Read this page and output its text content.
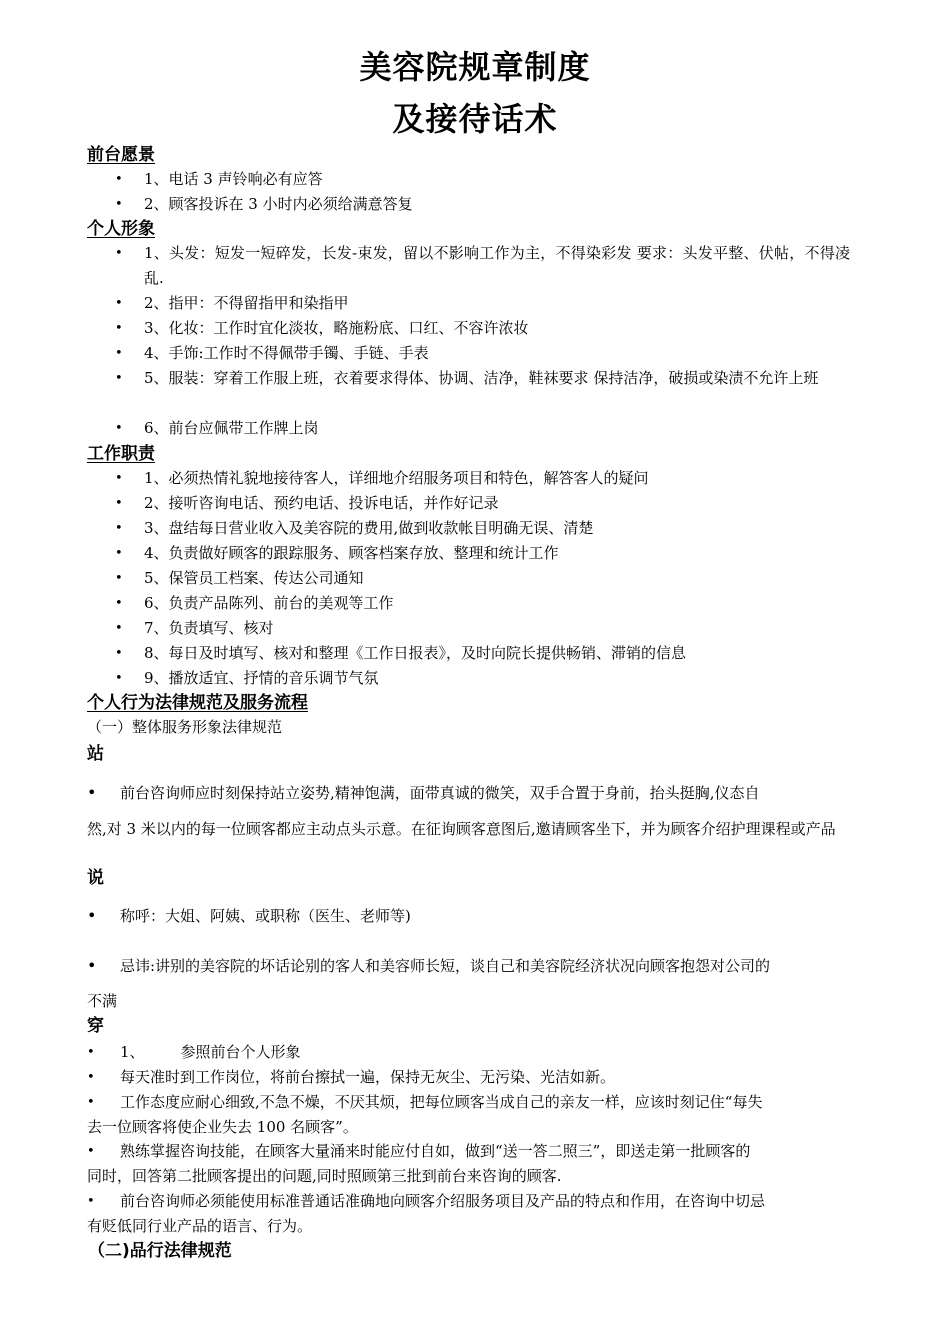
美容院规章制度
及接待话术
前台愿景
• 1、电话 3 声铃响必有应答
• 2、顾客投诉在 3 小时内必须给满意答复
个人形象
• 1、头发：短发一短碎发，长发-束发，留以不影响工作为主，不得染彩发 要求：头发平整、伏帖，不得凌乱.
• 2、指甲：不得留指甲和染指甲
• 3、化妆：工作时宜化淡妆，略施粉底、口红、不容许浓妆
• 4、手饰:工作时不得佩带手镯、手链、手表
• 5、服装：穿着工作服上班，衣着要求得体、协调、洁净，鞋袜要求 保持洁净，破损或染渍不允许上班
• 6、前台应佩带工作牌上岗
工作职责
• 1、必须热情礼貌地接待客人，详细地介绍服务项目和特色，解答客人的疑问
• 2、接听咨询电话、预约电话、投诉电话，并作好记录
• 3、盘结每日营业收入及美容院的费用,做到收款帐目明确无误、清楚
• 4、负责做好顾客的跟踪服务、顾客档案存放、整理和统计工作
• 5、保管员工档案、传达公司通知
• 6、负责产品陈列、前台的美观等工作
• 7、负责填写、核对
• 8、每日及时填写、核对和整理《工作日报表》，及时向院长提供畅销、滞销的信息
• 9、播放适宜、抒情的音乐调节气氛
个人行为法律规范及服务流程
（一）整体服务形象法律规范
站
• 前台咨询师应时刻保持站立姿势,精神饱满，面带真诚的微笑，双手合置于身前，抬头挺胸,仪态自
然,对 3 米以内的每一位顾客都应主动点头示意。在征询顾客意图后,邀请顾客坐下，并为顾客介绍护理课程或产品
说
• 称呼：大姐、阿姨、或职称（医生、老师等)
• 忌讳:讲别的美容院的坏话论别的客人和美容师长短，谈自己和美容院经济状况向顾客抱怨对公司的
不满
穿
• 1、 参照前台个人形象
• 每天准时到工作岗位，将前台擦拭一遍，保持无灰尘、无污染、光洁如新。
• 工作态度应耐心细致,不急不燥，不厌其烦，把每位顾客当成自己的亲友一样，应该时刻记住“每失
去一位顾客将使企业失去 100 名顾客”。
• 熟练掌握咨询技能，在顾客大量涌来时能应付自如，做到“送一答二照三”，即送走第一批顾客的
同时，回答第二批顾客提出的问题,同时照顾第三批到前台来咨询的顾客.
• 前台咨询师必须能使用标准普通话准确地向顾客介绍服务项目及产品的特点和作用，在咨询中切忌
有贬低同行业产品的语言、行为。
（二)品行法律规范
